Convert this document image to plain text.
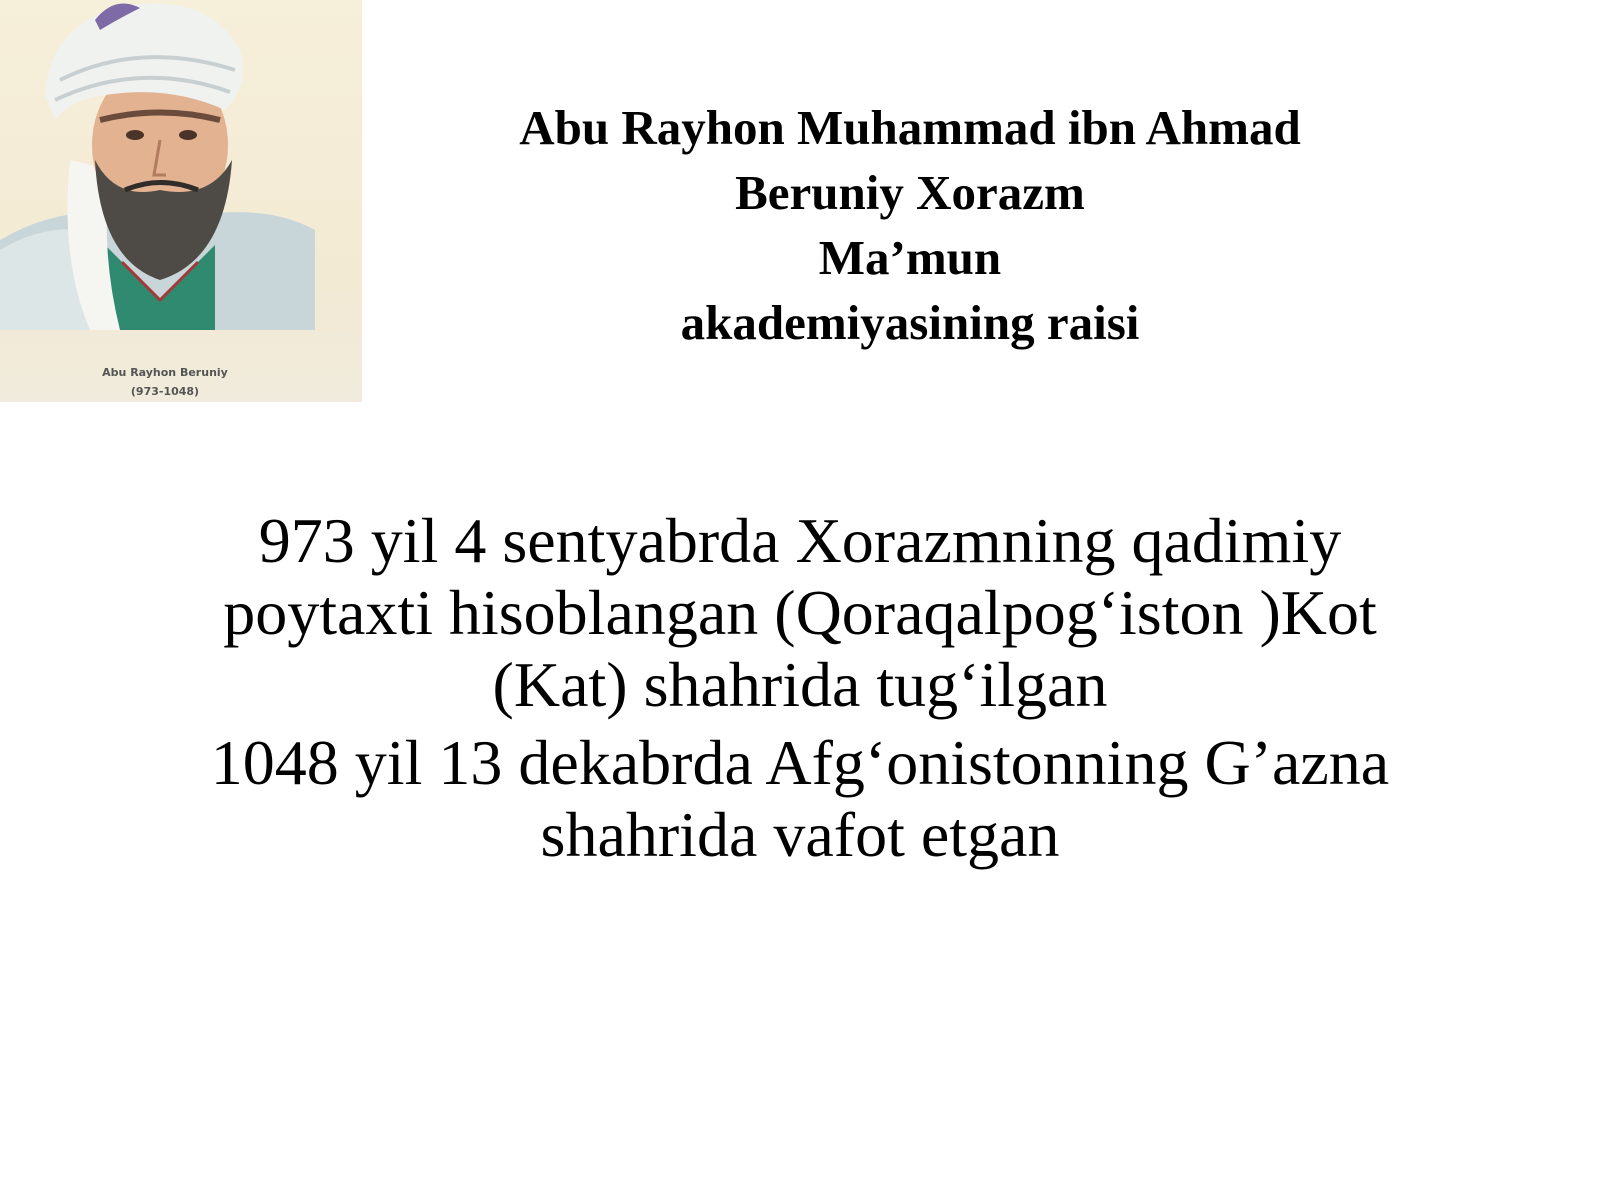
Abu Rayhon Beruniy
(973-1048)
Abu Rayhon Muhammad ibn Ahmad
Beruniy Xorazm
Ma’mun
akademiyasining raisi

973 yil 4 sentyabrda Xorazmning qadimiy poytaxti hisoblangan (Qoraqalpog‘iston )Kot (Kat) shahrida tug‘ilgan

1048 yil 13 dekabrda Afg‘onistonning G’azna shahrida vafot etgan
